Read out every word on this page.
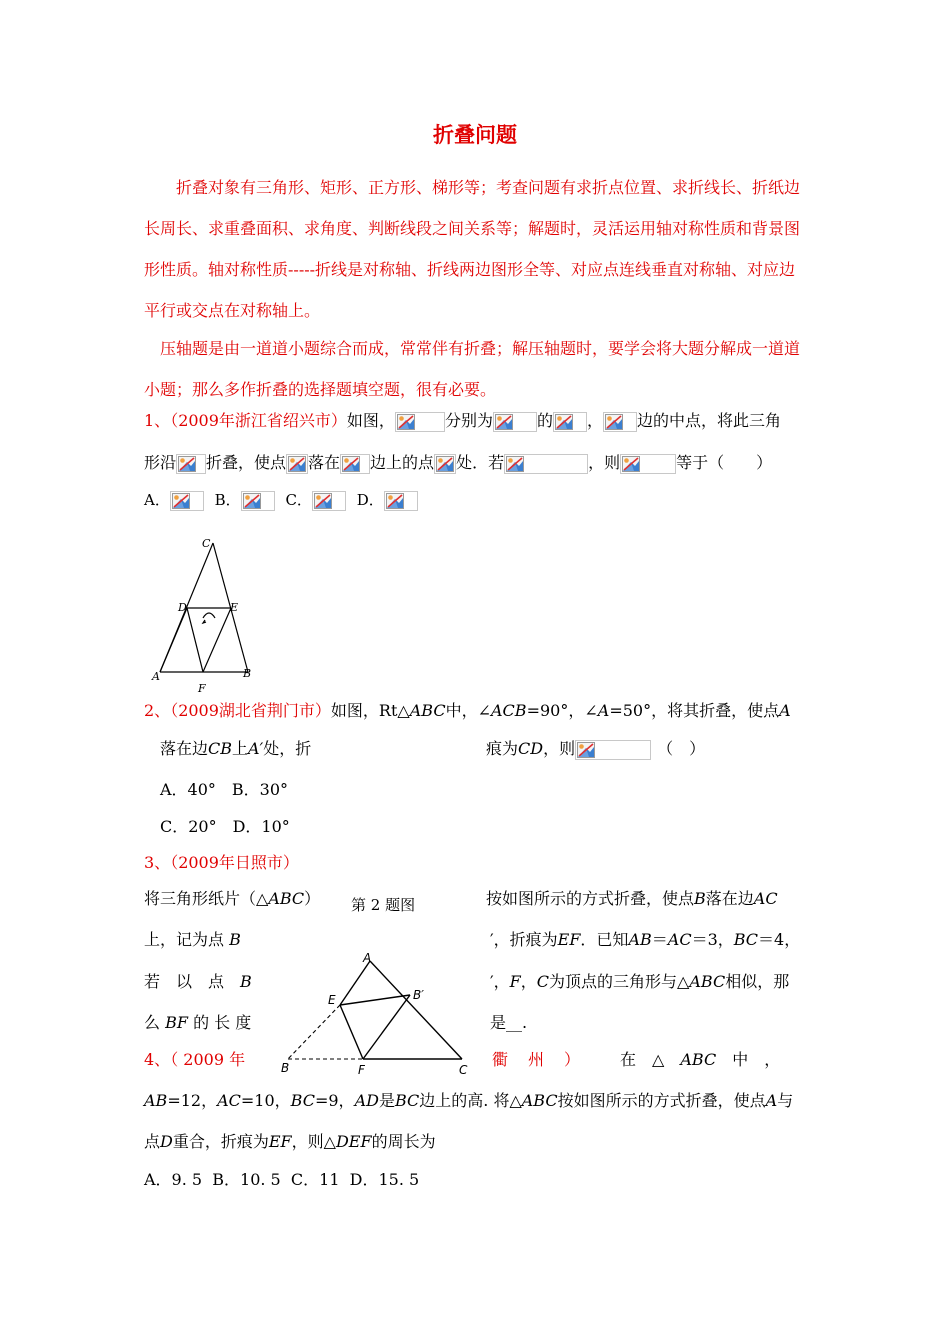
折叠问题
折叠对象有三角形、矩形、正方形、梯形等；考查问题有求折点位置、求折线长、折纸边长周长、求重叠面积、求角度、判断线段之间关系等；解题时，灵活运用轴对称性质和背景图形性质。轴对称性质-----折线是对称轴、折线两边图形全等、对应点连线垂直对称轴、对应边平行或交点在对称轴上。
压轴题是由一道道小题综合而成，常常伴有折叠；解压轴题时，要学会将大题分解成一道道小题；那么多作折叠的选择题填空题，很有必要。
1、（2009年浙江省绍兴市）如图，	分别为	的 ， 边的中点，将此三角
形沿 折叠，使点 落在 边上的点 处．若	，则	等于（　　）
A．	B．	C．	D．
C
D	E
A	B
F
2、（2009湖北省荆门市）如图，Rt△ABC中，∠ACB=90°，∠A=50°，将其折叠，使点A
落在边CB上A′处，折	痕为CD，则	（　）
A．40°　B．30°
C．20°　D．10°
3、（2009年日照市）
将三角形纸片（△ABC） 第 2 题图	按如图所示的方式折叠，使点B落在边AC
上，记为点 B	′，折痕为EF．已知AB＝AC＝3，BC＝4，
若　以　点　 B	′，F，C为顶点的三角形与△ABC相似，那
么 BF 的 长 度	是__.
A
E	B′
B	F	C
4、（ 2009 年	衢　州　） 在　△　 ABC　 中　，
AB=12，AC=10，BC=9，AD是BC边上的高. 将△ABC按如图所示的方式折叠，使点A与
点D重合，折痕为EF，则△DEF的周长为
A．9. 5  B．10. 5  C．11  D．15. 5
